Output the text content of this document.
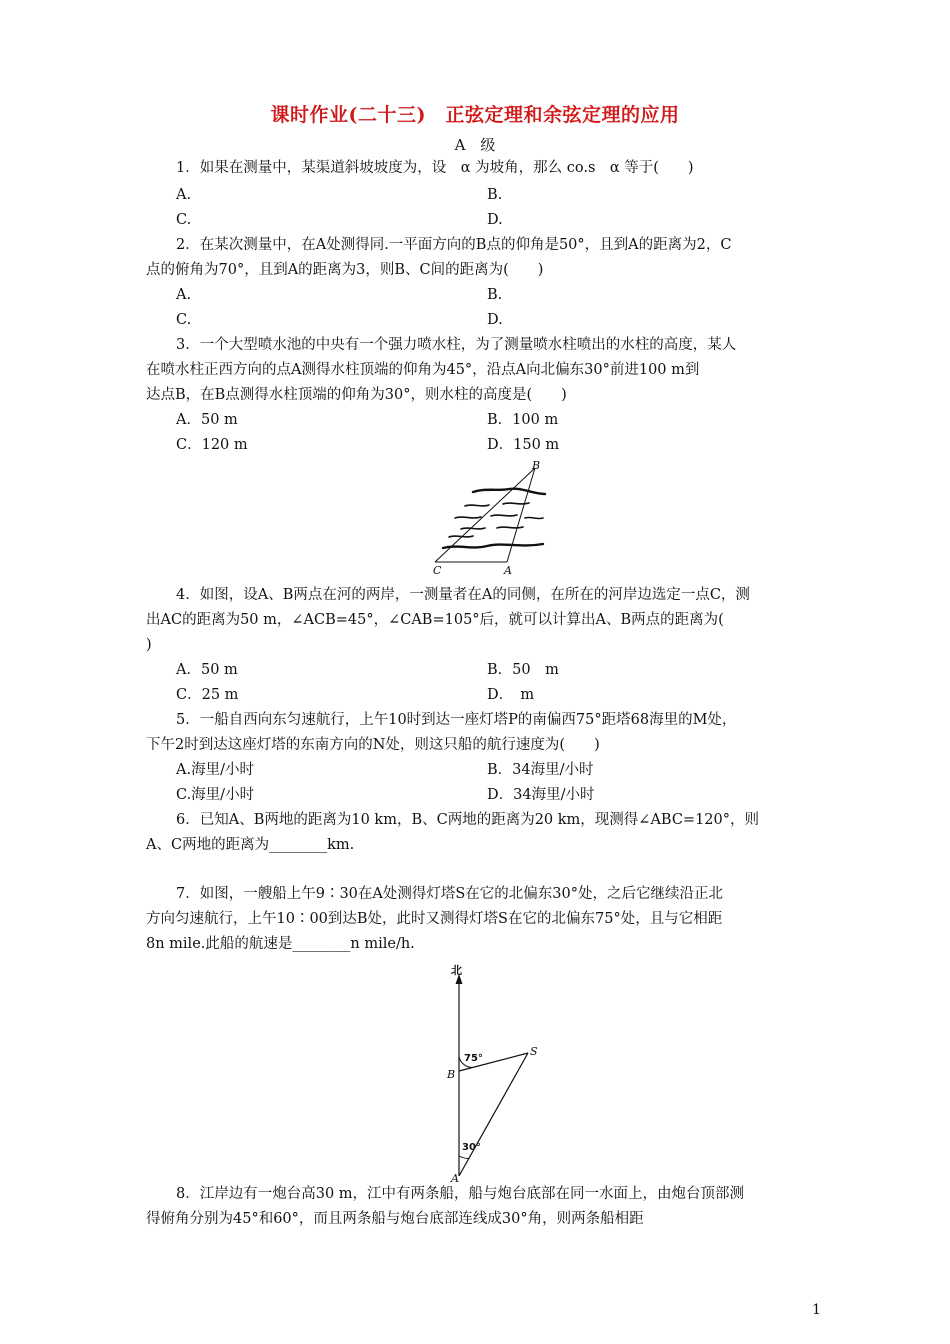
课时作业(二十三)　正弦定理和余弦定理的应用
A　级
1．如果在测量中，某渠道斜坡坡度为，设　α 为坡角，那么 co.s　α 等于(　　)
A.	B.
C.	D.
2．在某次测量中，在A处测得同.一平面方向的B点的仰角是50°，且到A的距离为2，C
点的俯角为70°，且到A的距离为3，则B、C间的距离为(　　)
A.	B.
C.	D.
3．一个大型喷水池的中央有一个强力喷水柱，为了测量喷水柱喷出的水柱的高度，某人
在喷水柱正西方向的点A测得水柱顶端的仰角为45°，沿点A向北偏东30°前进100 m到
达点B，在B点测得水柱顶端的仰角为30°，则水柱的高度是(　　)
A．50 m	B．100 m
C．120 m	D．150 m
B
C	A
4．如图，设A、B两点在河的两岸，一测量者在A的同侧，在所在的河岸边选定一点C，测
出AC的距离为50 m，∠ACB=45°，∠CAB=105°后，就可以计算出A、B两点的距离为(
)
A．50 m	B．50　m
C．25 m	D．　m
5．一船自西向东匀速航行，上午10时到达一座灯塔P的南偏西75°距塔68海里的M处，
下午2时到达这座灯塔的东南方向的N处，则这只船的航行速度为(　　)
A.海里/小时	B．34海里/小时
C.海里/小时	D．34海里/小时
6．已知A、B两地的距离为10 km，B、C两地的距离为20 km，现测得∠ABC=120°，则
A、C两地的距离为________km.
7．如图，一艘船上午9∶30在A处测得灯塔S在它的北偏东30°处，之后它继续沿正北
方向匀速航行，上午10∶00到达B处，此时又测得灯塔S在它的北偏东75°处，且与它相距
8n mile.此船的航速是________n mile/h.
北
75°
30°
S
B
A
8．江岸边有一炮台高30 m，江中有两条船，船与炮台底部在同一水面上，由炮台顶部测
得俯角分别为45°和60°，而且两条船与炮台底部连线成30°角，则两条船相距
1
